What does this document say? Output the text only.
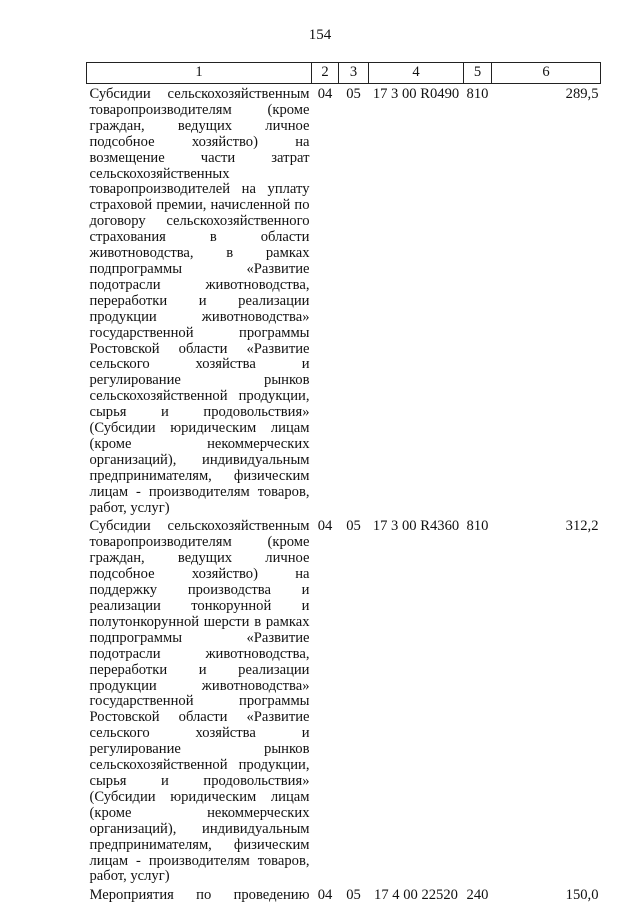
154
1	2	3	4	5	6
Субсидии сельскохозяйственным товаропроизводителям (кроме граждан, ведущих личное подсобное хозяйство) на возмещение части затрат сельскохозяйственных товаропроизводителей на уплату страховой премии, начисленной по договору сельскохозяйственного страхования в области животноводства, в рамках подпрограммы «Развитие подотрасли животноводства, переработки и реализации продукции животноводства» государственной программы Ростовской области «Развитие сельского хозяйства и регулирование рынков сельскохозяйственной продукции, сырья и продовольствия» (Субсидии юридическим лицам (кроме некоммерческих организаций), индивидуальным предпринимателям, физическим лицам - производителям товаров, работ, услуг)	04	05	17 3 00 R0490	810	289,5
Субсидии сельскохозяйственным товаропроизводителям (кроме граждан, ведущих личное подсобное хозяйство) на поддержку производства и реализации тонкорунной и полутонкорунной шерсти в рамках подпрограммы «Развитие подотрасли животноводства, переработки и реализации продукции животноводства» государственной программы Ростовской области «Развитие сельского хозяйства и регулирование рынков сельскохозяйственной продукции, сырья и продовольствия» (Субсидии юридическим лицам (кроме некоммерческих организаций), индивидуальным предпринимателям, физическим лицам - производителям товаров, работ, услуг)	04	05	17 3 00 R4360	810	312,2
Мероприятия по проведению	04	05	17 4 00 22520	240	150,0
